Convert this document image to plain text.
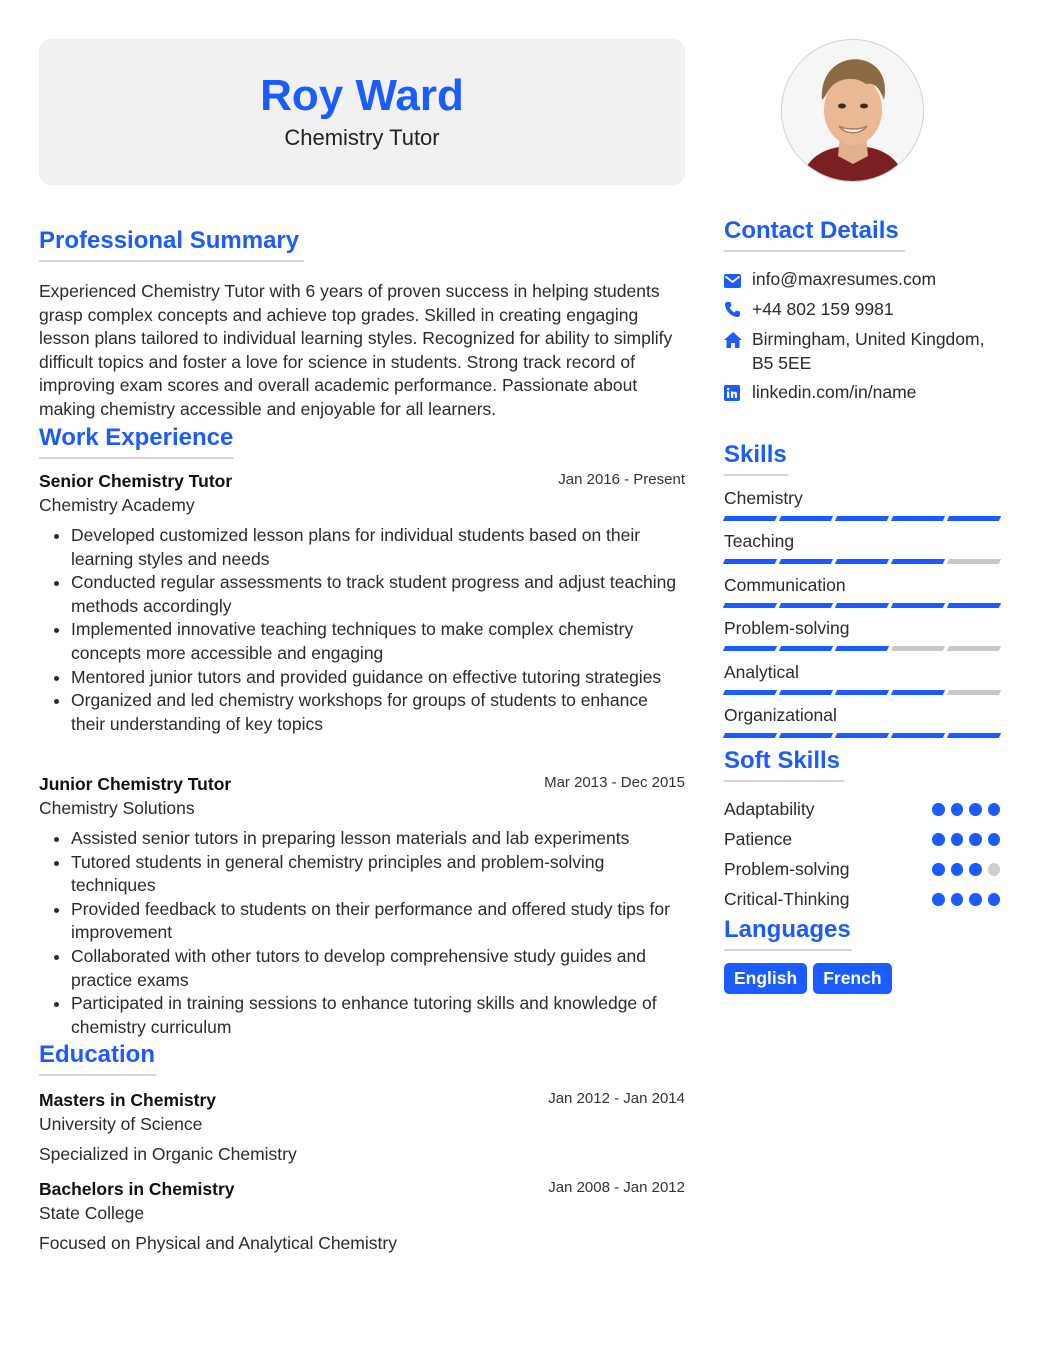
Roy Ward
Chemistry Tutor
Professional Summary
Experienced Chemistry Tutor with 6 years of proven success in helping students grasp complex concepts and achieve top grades. Skilled in creating engaging lesson plans tailored to individual learning styles. Recognized for ability to simplify difficult topics and foster a love for science in students. Strong track record of improving exam scores and overall academic performance. Passionate about making chemistry accessible and enjoyable for all learners.
Work Experience
Senior Chemistry Tutor	Jan 2016 - Present
Chemistry Academy
• Developed customized lesson plans for individual students based on their learning styles and needs
• Conducted regular assessments to track student progress and adjust teaching methods accordingly
• Implemented innovative teaching techniques to make complex chemistry concepts more accessible and engaging
• Mentored junior tutors and provided guidance on effective tutoring strategies
• Organized and led chemistry workshops for groups of students to enhance their understanding of key topics
Junior Chemistry Tutor	Mar 2013 - Dec 2015
Chemistry Solutions
• Assisted senior tutors in preparing lesson materials and lab experiments
• Tutored students in general chemistry principles and problem-solving techniques
• Provided feedback to students on their performance and offered study tips for improvement
• Collaborated with other tutors to develop comprehensive study guides and practice exams
• Participated in training sessions to enhance tutoring skills and knowledge of chemistry curriculum
Education
Masters in Chemistry	Jan 2012 - Jan 2014
University of Science
Specialized in Organic Chemistry
Bachelors in Chemistry	Jan 2008 - Jan 2012
State College
Focused on Physical and Analytical Chemistry
Contact Details
info@maxresumes.com
+44 802 159 9981
Birmingham, United Kingdom, B5 5EE
linkedin.com/in/name
Skills
Chemistry
Teaching
Communication
Problem-solving
Analytical
Organizational
Soft Skills
Adaptability
Patience
Problem-solving
Critical-Thinking
Languages
English	French
